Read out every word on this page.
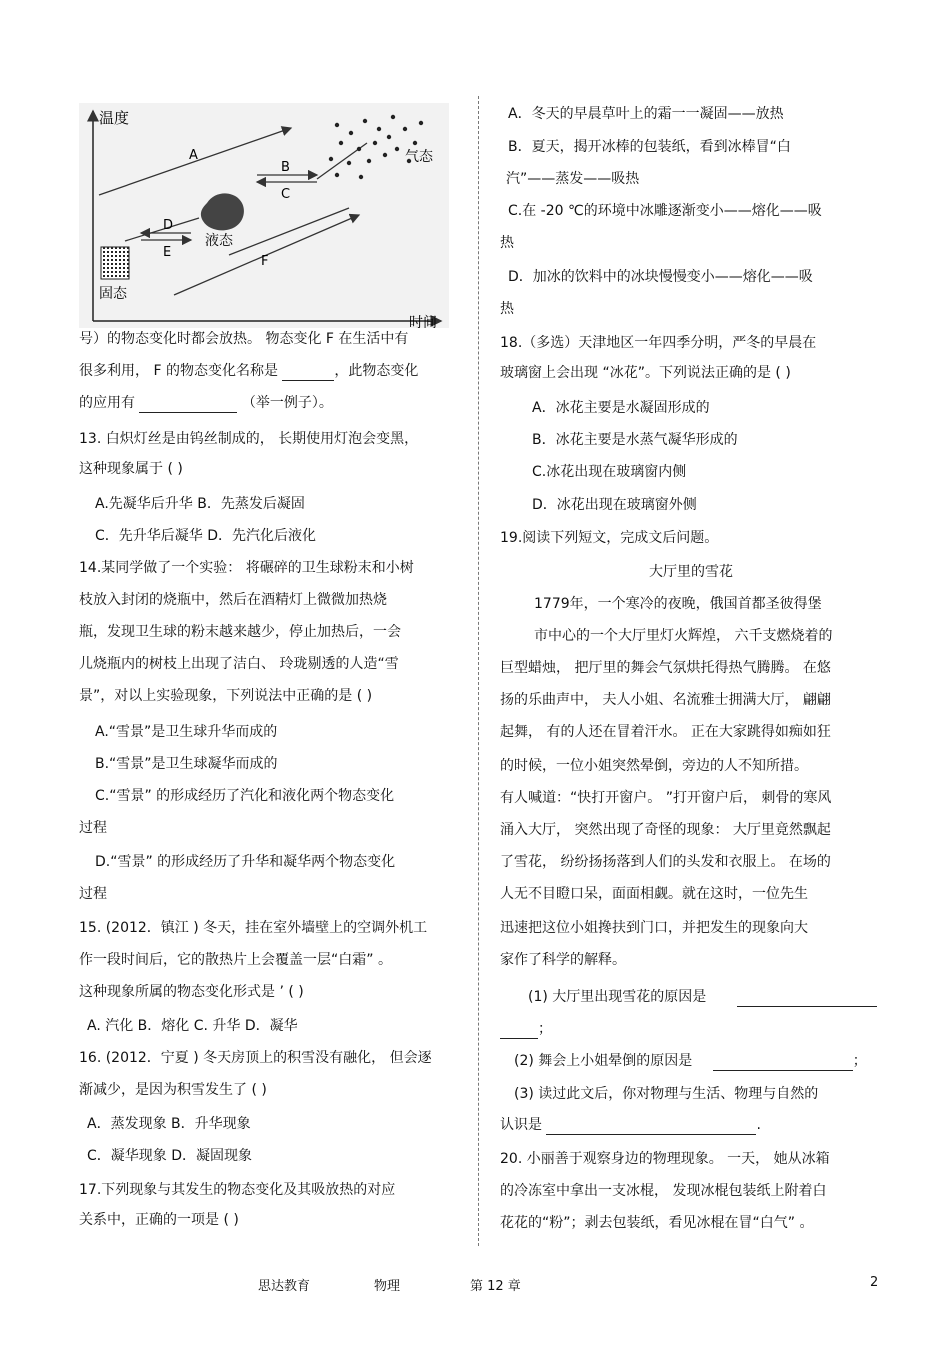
温度
时间
气态
液态
固态
A
B
C
D
E
F
号）的物态变化时都会放热。 物态变化 F 在生活中有
很多利用， F 的物态变化名称是	，此物态变化
的应用有	（举一例子）。
13. 白炽灯丝是由钨丝制成的， 长期使用灯泡会变黑，
这种现象属于 ( )
A.先凝华后升华 B．先蒸发后凝固
C．先升华后凝华 D．先汽化后液化
14.某同学做了一个实验： 将碾碎的卫生球粉末和小树
枝放入封闭的烧瓶中，然后在酒精灯上微微加热烧
瓶，发现卫生球的粉末越来越少，停止加热后，一会
儿烧瓶内的树枝上出现了洁白、 玲珑剔透的人造“雪
景”，对以上实验现象，下列说法中正确的是 ( )
A.“雪景”是卫生球升华而成的
B.“雪景”是卫生球凝华而成的
C.“雪景” 的形成经历了汽化和液化两个物态变化
过程
D.“雪景” 的形成经历了升华和凝华两个物态变化
过程
15. (2012．镇江 ) 冬天，挂在室外墙壁上的空调外机工
作一段时间后，它的散热片上会覆盖一层“白霜” 。
这种现象所属的物态变化形式是 ’ ( )
A. 汽化 B．熔化 C. 升华 D．凝华
16. (2012．宁夏 ) 冬天房顶上的积雪没有融化， 但会逐
渐减少，是因为积雪发生了 ( )
A．蒸发现象 B．升华现象
C．凝华现象 D．凝固现象
17.下列现象与其发生的物态变化及其吸放热的对应
关系中，正确的一项是 ( )
A．冬天的早晨草叶上的霜一一凝固——放热
B．夏天，揭开冰棒的包装纸，看到冰棒冒“白
汽”——蒸发——吸热
C.在 -20 ℃的环境中冰雕逐渐变小——熔化——吸
热
D．加冰的饮料中的冰块慢慢变小——熔化——吸
热
18.（多选）天津地区一年四季分明，严冬的早晨在
玻璃窗上会出现 “冰花”。下列说法正确的是 ( )
A．冰花主要是水凝固形成的
B．冰花主要是水蒸气凝华形成的
C.冰花出现在玻璃窗内侧
D．冰花出现在玻璃窗外侧
19.阅读下列短文，完成文后问题。
大厅里的雪花
1779年，一个寒冷的夜晚，俄国首都圣彼得堡
市中心的一个大厅里灯火辉煌， 六千支燃烧着的
巨型蜡烛， 把厅里的舞会气氛烘托得热气腾腾。 在悠
扬的乐曲声中， 夫人小姐、名流雅士拥满大厅， 翩翩
起舞， 有的人还在冒着汗水。 正在大家跳得如痴如狂
的时候，一位小姐突然晕倒，旁边的人不知所措。
有人喊道：“快打开窗户。 ”打开窗户后， 刺骨的寒风
涌入大厅， 突然出现了奇怪的现象： 大厅里竟然飘起
了雪花， 纷纷扬扬落到人们的头发和衣服上。 在场的
人无不目瞪口呆，面面相觑。就在这时，一位先生
迅速把这位小姐搀扶到门口，并把发生的现象向大
家作了科学的解释。
(1) 大厅里出现雪花的原因是
；
(2) 舞会上小姐晕倒的原因是	；
(3) 读过此文后，你对物理与生活、物理与自然的
认识是	.
20. 小丽善于观察身边的物理现象。 一天， 她从冰箱
的冷冻室中拿出一支冰棍， 发现冰棍包装纸上附着白
花花的“粉”；剥去包装纸，看见冰棍在冒“白气” 。
思达教育	物理	第 12 章	2
